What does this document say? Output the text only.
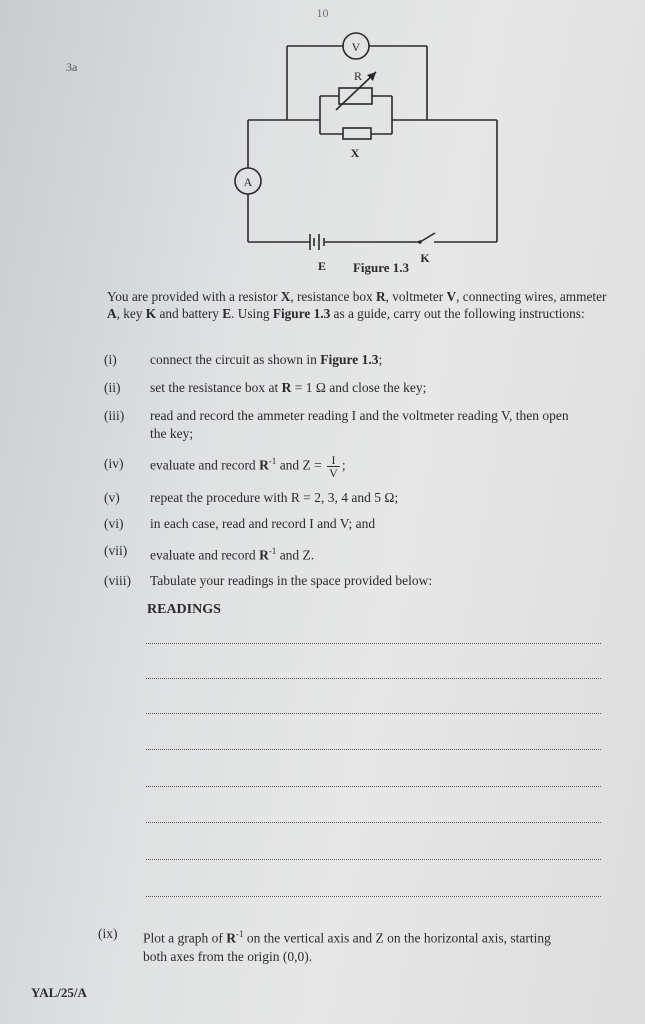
10
3a
V
R
X
A
E
K
Figure 1.3
You are provided with a resistor X, resistance box R, voltmeter V, connecting wires, ammeter A, key K and battery E. Using Figure 1.3 as a guide, carry out the following instructions:
(i) connect the circuit as shown in Figure 1.3;
(ii) set the resistance box at R = 1 Ω and close the key;
(iii) read and record the ammeter reading I and the voltmeter reading V, then open
the key;
(iv) evaluate and record $R^{-1}$ and $Z = \frac{I}{V}$ ;
(v) repeat the procedure with R = 2, 3, 4 and 5 Ω;
(vi) in each case, read and record I and V; and
(vii) evaluate and record $R^{-1}$ and Z.
(viii) Tabulate your readings in the space provided below:
READINGS
(ix) Plot a graph of $R^{-1}$ on the vertical axis and Z on the horizontal axis, starting
both axes from the origin (0,0).
YAL/25/A
